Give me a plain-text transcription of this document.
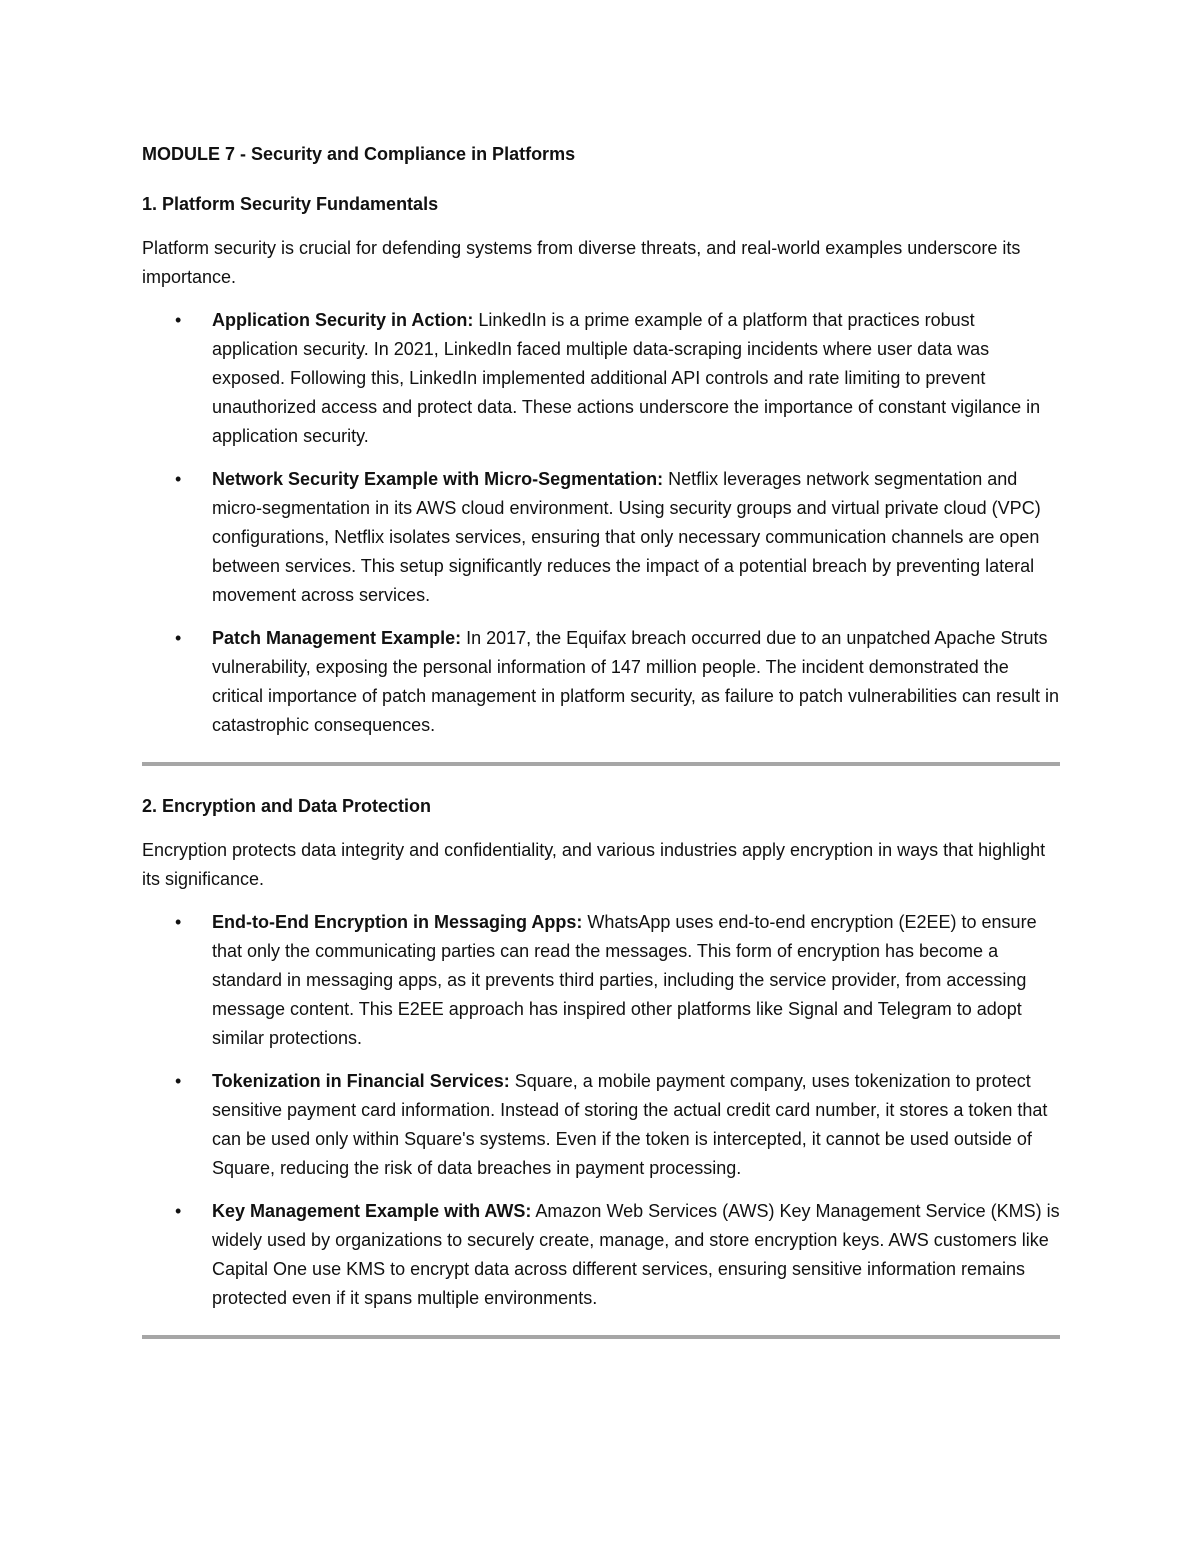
MODULE 7 - Security and Compliance in Platforms
1. Platform Security Fundamentals

Platform security is crucial for defending systems from diverse threats, and real-world examples underscore its importance.

• Application Security in Action: LinkedIn is a prime example of a platform that practices robust application security. In 2021, LinkedIn faced multiple data-scraping incidents where user data was exposed. Following this, LinkedIn implemented additional API controls and rate limiting to prevent unauthorized access and protect data. These actions underscore the importance of constant vigilance in application security.
• Network Security Example with Micro-Segmentation: Netflix leverages network segmentation and micro-segmentation in its AWS cloud environment. Using security groups and virtual private cloud (VPC) configurations, Netflix isolates services, ensuring that only necessary communication channels are open between services. This setup significantly reduces the impact of a potential breach by preventing lateral movement across services.
• Patch Management Example: In 2017, the Equifax breach occurred due to an unpatched Apache Struts vulnerability, exposing the personal information of 147 million people. The incident demonstrated the critical importance of patch management in platform security, as failure to patch vulnerabilities can result in catastrophic consequences.
2. Encryption and Data Protection

Encryption protects data integrity and confidentiality, and various industries apply encryption in ways that highlight its significance.

• End-to-End Encryption in Messaging Apps: WhatsApp uses end-to-end encryption (E2EE) to ensure that only the communicating parties can read the messages. This form of encryption has become a standard in messaging apps, as it prevents third parties, including the service provider, from accessing message content. This E2EE approach has inspired other platforms like Signal and Telegram to adopt similar protections.
• Tokenization in Financial Services: Square, a mobile payment company, uses tokenization to protect sensitive payment card information. Instead of storing the actual credit card number, it stores a token that can be used only within Square's systems. Even if the token is intercepted, it cannot be used outside of Square, reducing the risk of data breaches in payment processing.
• Key Management Example with AWS: Amazon Web Services (AWS) Key Management Service (KMS) is widely used by organizations to securely create, manage, and store encryption keys. AWS customers like Capital One use KMS to encrypt data across different services, ensuring sensitive information remains protected even if it spans multiple environments.
